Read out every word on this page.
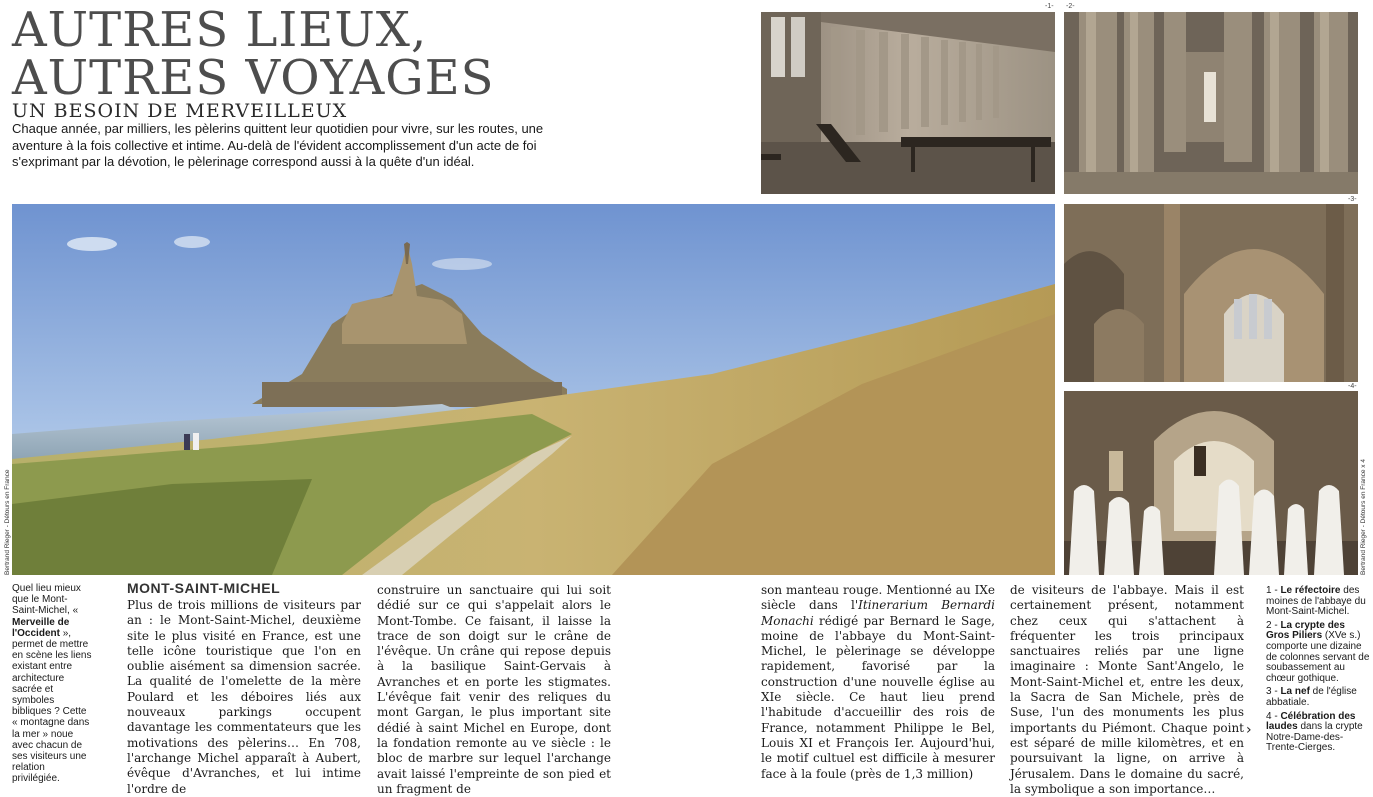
AUTRES LIEUX,
AUTRES VOYAGES
UN BESOIN DE MERVEILLEUX
Chaque année, par milliers, les pèlerins quittent leur quotidien pour vivre, sur les routes, une aventure à la fois collective et intime. Au-delà de l'évident accomplissement d'un acte de foi s'exprimant par la dévotion, le pèlerinage correspond aussi à la quête d'un idéal.
-1- -2-
Bertrand Rieger - Détours en France
-3-
-4-
Bertrand Rieger - Détours en France x 4
Quel lieu mieux que le Mont-Saint-Michel, « Merveille de l'Occident », permet de mettre en scène les liens existant entre architecture sacrée et symboles bibliques ? Cette « montagne dans la mer » noue avec chacun de ses visiteurs une relation privilégiée.
MONT-SAINT-MICHEL
Plus de trois millions de visiteurs par an : le Mont-Saint-Michel, deuxième site le plus visité en France, est une telle icône touristique que l'on en oublie aisément sa dimension sacrée. La qualité de l'omelette de la mère Poulard et les déboires liés aux nouveaux parkings occupent davantage les commentateurs que les motivations des pèlerins… En 708, l'archange Michel apparaît à Aubert, évêque d'Avranches, et lui intime l'ordre de
construire un sanctuaire qui lui soit dédié sur ce qui s'appelait alors le Mont-Tombe. Ce faisant, il laisse la trace de son doigt sur le crâne de l'évêque. Un crâne qui repose depuis à la basilique Saint-Gervais à Avranches et en porte les stigmates. L'évêque fait venir des reliques du mont Gargan, le plus important site dédié à saint Michel en Europe, dont la fondation remonte au ve siècle : le bloc de marbre sur lequel l'archange avait laissé l'empreinte de son pied et un fragment de
son manteau rouge. Mentionné au IXe siècle dans l'Itinerarium Bernardi Monachi rédigé par Bernard le Sage, moine de l'abbaye du Mont-Saint-Michel, le pèlerinage se développe rapidement, favorisé par la construction d'une nouvelle église au XIe siècle. Ce haut lieu prend l'habitude d'accueillir des rois de France, notamment Philippe le Bel, Louis XI et François Ier. Aujourd'hui, le motif cultuel est difficile à mesurer face à la foule (près de 1,3 million)
de visiteurs de l'abbaye. Mais il est certainement présent, notamment chez ceux qui s'attachent à fréquenter les trois principaux sanctuaires reliés par une ligne imaginaire : Monte Sant'Angelo, le Mont-Saint-Michel et, entre les deux, la Sacra de San Michele, près de Suse, l'un des monuments les plus importants du Piémont. Chaque point est séparé de mille kilomètres, et en poursuivant la ligne, on arrive à Jérusalem. Dans le domaine du sacré, la symbolique a son importance…
›

1 - Le réfectoire des moines de l'abbaye du Mont-Saint-Michel.

2 - La crypte des Gros Piliers (XVe s.) comporte une dizaine de colonnes servant de soubassement au chœur gothique.

3 - La nef de l'église abbatiale.

4 - Célébration des laudes dans la crypte Notre-Dame-des-Trente-Cierges.
